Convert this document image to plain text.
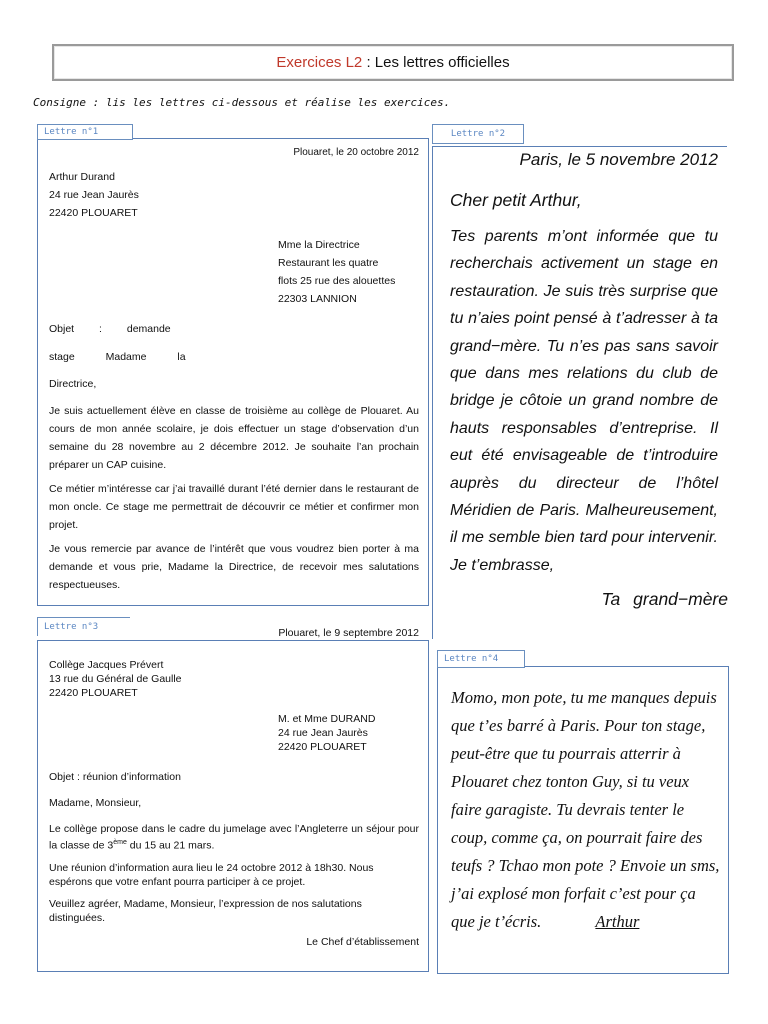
Exercices L2 : Les lettres officielles
Consigne : lis les lettres ci-dessous et réalise les exercices.
Lettre n°1
Plouaret, le 20 octobre 2012
Arthur Durand
24 rue Jean Jaurès
22420 PLOUARET
Mme la Directrice
Restaurant les quatre
flots 25 rue des alouettes
22303 LANNION
Objet : demande
stage Madame la
Directrice,

Je suis actuellement élève en classe de troisième au collège de Plouaret. Au cours de mon année scolaire, je dois effectuer un stage d’observation d’un semaine du 28 novembre au 2 décembre 2012. Je souhaite l’an prochain préparer un CAP cuisine.

Ce métier m’intéresse car j’ai travaillé durant l’été dernier dans le restaurant de mon oncle. Ce stage me permettrait de découvrir ce métier et confirmer mon projet.

Je vous remercie par avance de l’intérêt que vous voudrez bien porter à ma demande et vous prie, Madame la Directrice, de recevoir mes salutations respectueuses.

Lettre n°2
Paris, le 5 novembre 2012
Cher petit Arthur,

Tes parents m’ont informée que tu recherchais activement un stage en restauration. Je suis très surprise que tu n’aies point pensé à t’adresser à ta grand−mère. Tu n’es pas sans savoir que dans mes relations du club de bridge je côtoie un grand nombre de hauts responsables d’entreprise. Il eut été envisageable de t’introduire auprès du directeur de l’hôtel Méridien de Paris. Malheureusement, il me semble bien tard pour intervenir. Je t’embrasse,

Ta grand−mère
Lettre n°3	Plouaret, le 9 septembre 2012
Collège Jacques Prévert
13 rue du Général de Gaulle
22420 PLOUARET
M. et Mme DURAND
24 rue Jean Jaurès
22420 PLOUARET
Objet : réunion d’information
Madame, Monsieur,

Le collège propose dans le cadre du jumelage avec l’Angleterre un séjour pour la classe de 3ème du 15 au 21 mars.

Une réunion d’information aura lieu le 24 octobre 2012 à 18h30. Nous espérons que votre enfant pourra participer à ce projet.

Veuillez agréer, Madame, Monsieur, l’expression de nos salutations distinguées.

Le Chef d’établissement
Lettre n°4
Momo, mon pote, tu me manques depuis que t’es barré à Paris. Pour ton stage, peut-être que tu pourrais atterrir à Plouaret chez tonton Guy, si tu veux faire garagiste. Tu devrais tenter le coup, comme ça, on pourrait faire des teufs ? Tchao mon pote ? Envoie un sms, j’ai explosé mon forfait c’est pour ça que je t’écris.	Arthur
